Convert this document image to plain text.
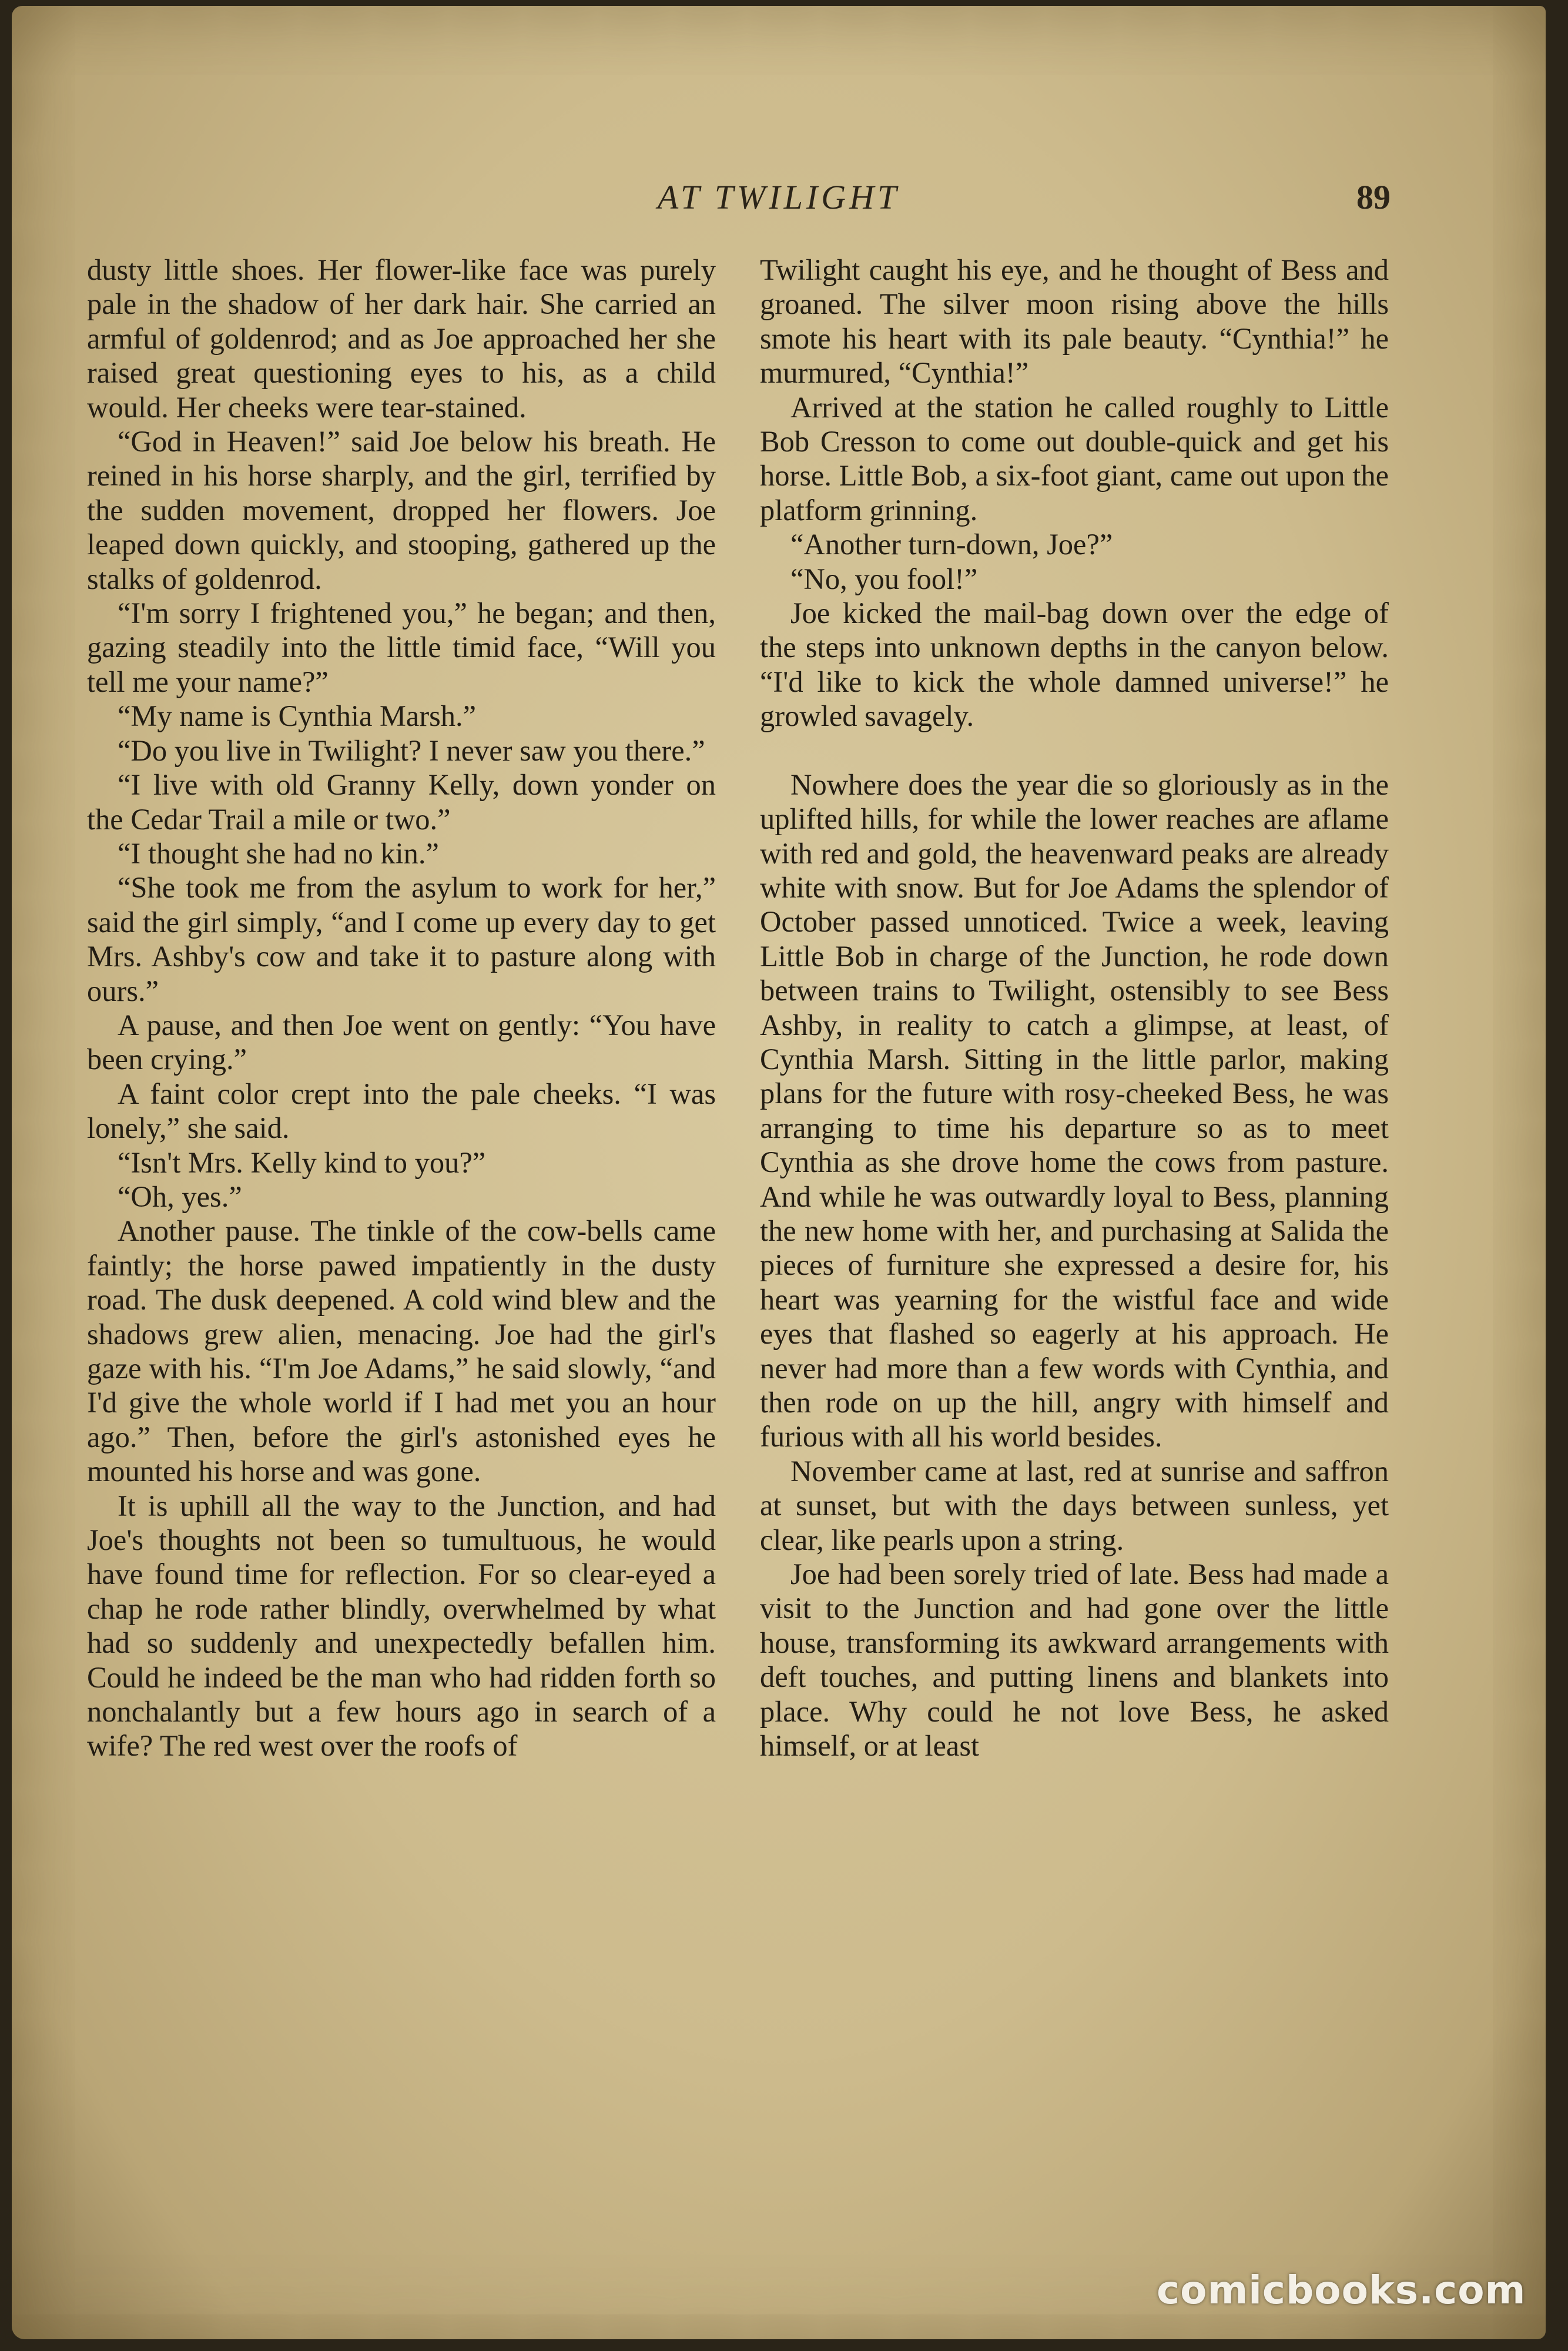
AT TWILIGHT	89

dusty little shoes. Her flower-like face was purely pale in the shadow of her dark hair. She carried an armful of goldenrod; and as Joe approached her she raised great questioning eyes to his, as a child would. Her cheeks were tear-stained.

“God in Heaven!” said Joe below his breath. He reined in his horse sharply, and the girl, terrified by the sudden movement, dropped her flowers. Joe leaped down quickly, and stooping, gathered up the stalks of goldenrod.

“I'm sorry I frightened you,” he began; and then, gazing steadily into the little timid face, “Will you tell me your name?”

“My name is Cynthia Marsh.”

“Do you live in Twilight? I never saw you there.”

“I live with old Granny Kelly, down yonder on the Cedar Trail a mile or two.”

“I thought she had no kin.”

“She took me from the asylum to work for her,” said the girl simply, “and I come up every day to get Mrs. Ashby's cow and take it to pasture along with ours.”

A pause, and then Joe went on gently: “You have been crying.”

A faint color crept into the pale cheeks. “I was lonely,” she said.

“Isn't Mrs. Kelly kind to you?”

“Oh, yes.”

Another pause. The tinkle of the cow-bells came faintly; the horse pawed impatiently in the dusty road. The dusk deepened. A cold wind blew and the shadows grew alien, menacing. Joe had the girl's gaze with his. “I'm Joe Adams,” he said slowly, “and I'd give the whole world if I had met you an hour ago.” Then, before the girl's astonished eyes he mounted his horse and was gone.

It is uphill all the way to the Junction, and had Joe's thoughts not been so tumultuous, he would have found time for reflection. For so clear-eyed a chap he rode rather blindly, overwhelmed by what had so suddenly and unexpectedly befallen him. Could he indeed be the man who had ridden forth so nonchalantly but a few hours ago in search of a wife? The red west over the roofs of

Twilight caught his eye, and he thought of Bess and groaned. The silver moon rising above the hills smote his heart with its pale beauty. “Cynthia!” he murmured, “Cynthia!”

Arrived at the station he called roughly to Little Bob Cresson to come out double-quick and get his horse. Little Bob, a six-foot giant, came out upon the platform grinning.

“Another turn-down, Joe?”

“No, you fool!”

Joe kicked the mail-bag down over the edge of the steps into unknown depths in the canyon below. “I'd like to kick the whole damned universe!” he growled savagely.

Nowhere does the year die so gloriously as in the uplifted hills, for while the lower reaches are aflame with red and gold, the heavenward peaks are already white with snow. But for Joe Adams the splendor of October passed unnoticed. Twice a week, leaving Little Bob in charge of the Junction, he rode down between trains to Twilight, ostensibly to see Bess Ashby, in reality to catch a glimpse, at least, of Cynthia Marsh. Sitting in the little parlor, making plans for the future with rosy-cheeked Bess, he was arranging to time his departure so as to meet Cynthia as she drove home the cows from pasture. And while he was outwardly loyal to Bess, planning the new home with her, and purchasing at Salida the pieces of furniture she expressed a desire for, his heart was yearning for the wistful face and wide eyes that flashed so eagerly at his approach. He never had more than a few words with Cynthia, and then rode on up the hill, angry with himself and furious with all his world besides.

November came at last, red at sunrise and saffron at sunset, but with the days between sunless, yet clear, like pearls upon a string.

Joe had been sorely tried of late. Bess had made a visit to the Junction and had gone over the little house, transforming its awkward arrangements with deft touches, and putting linens and blankets into place. Why could he not love Bess, he asked himself, or at least

comicbooks.com
